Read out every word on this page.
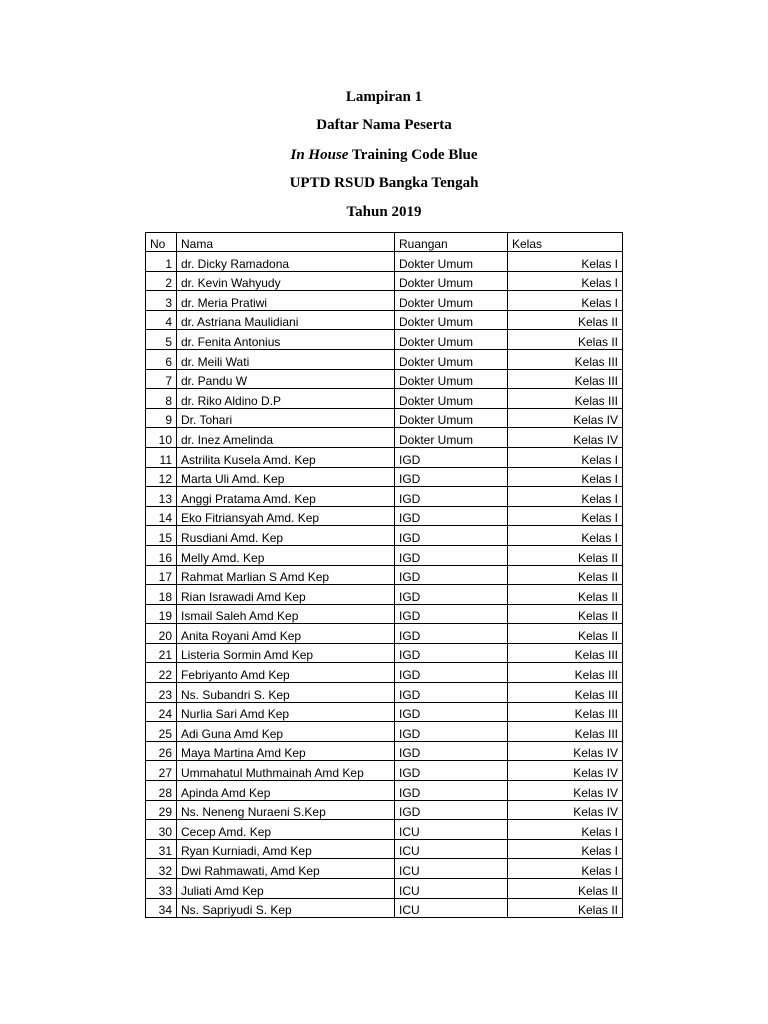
Lampiran 1
Daftar Nama Peserta
In House Training Code Blue
UPTD RSUD Bangka Tengah
Tahun 2019
No	Nama	Ruangan	Kelas
1	dr. Dicky Ramadona	Dokter Umum	Kelas I
2	dr. Kevin Wahyudy	Dokter Umum	Kelas I
3	dr. Meria Pratiwi	Dokter Umum	Kelas I
4	dr. Astriana Maulidiani	Dokter Umum	Kelas II
5	dr. Fenita Antonius	Dokter Umum	Kelas II
6	dr. Meili Wati	Dokter Umum	Kelas III
7	dr. Pandu W	Dokter Umum	Kelas III
8	dr. Riko Aldino D.P	Dokter Umum	Kelas III
9	Dr. Tohari	Dokter Umum	Kelas IV
10	dr. Inez Amelinda	Dokter Umum	Kelas IV
11	Astrilita Kusela Amd. Kep	IGD	Kelas I
12	Marta Uli Amd. Kep	IGD	Kelas I
13	Anggi Pratama Amd. Kep	IGD	Kelas I
14	Eko Fitriansyah Amd. Kep	IGD	Kelas I
15	Rusdiani Amd. Kep	IGD	Kelas I
16	Melly Amd. Kep	IGD	Kelas II
17	Rahmat Marlian S Amd Kep	IGD	Kelas II
18	Rian Israwadi Amd Kep	IGD	Kelas II
19	Ismail Saleh Amd Kep	IGD	Kelas II
20	Anita Royani Amd Kep	IGD	Kelas II
21	Listeria Sormin Amd Kep	IGD	Kelas III
22	Febriyanto Amd Kep	IGD	Kelas III
23	Ns. Subandri S. Kep	IGD	Kelas III
24	Nurlia Sari Amd Kep	IGD	Kelas III
25	Adi Guna Amd Kep	IGD	Kelas III
26	Maya Martina Amd Kep	IGD	Kelas IV
27	Ummahatul Muthmainah Amd Kep	IGD	Kelas IV
28	Apinda Amd Kep	IGD	Kelas IV
29	Ns. Neneng Nuraeni S.Kep	IGD	Kelas IV
30	Cecep Amd. Kep	ICU	Kelas I
31	Ryan Kurniadi, Amd Kep	ICU	Kelas I
32	Dwi Rahmawati, Amd Kep	ICU	Kelas I
33	Juliati Amd Kep	ICU	Kelas II
34	Ns. Sapriyudi S. Kep	ICU	Kelas II
